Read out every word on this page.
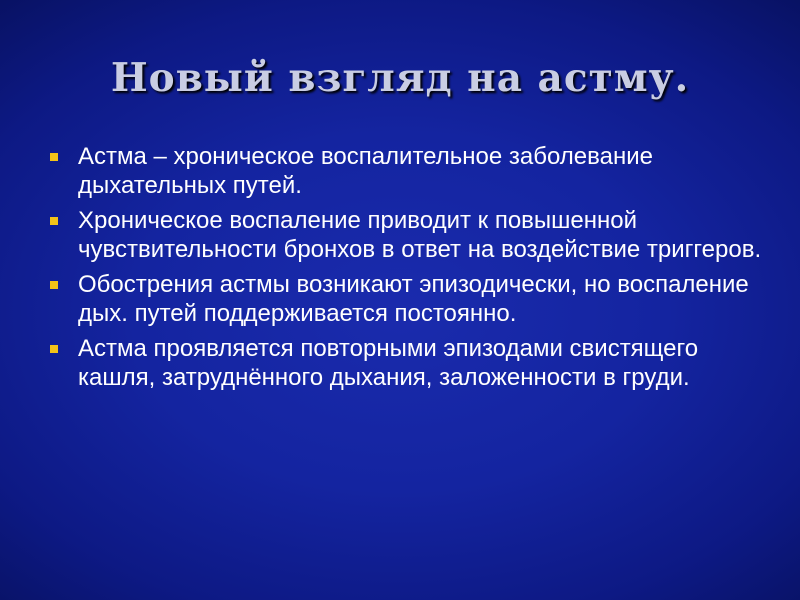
Новый взгляд на астму.
Астма – хроническое воспалительное заболевание дыхательных путей.
Хроническое воспаление приводит к повышенной чувствительности бронхов в ответ на воздействие триггеров.
Обострения астмы возникают эпизодически, но воспаление дых. путей поддерживается постоянно.
Астма проявляется повторными эпизодами свистящего кашля, затруднённого дыхания, заложенности в груди.
